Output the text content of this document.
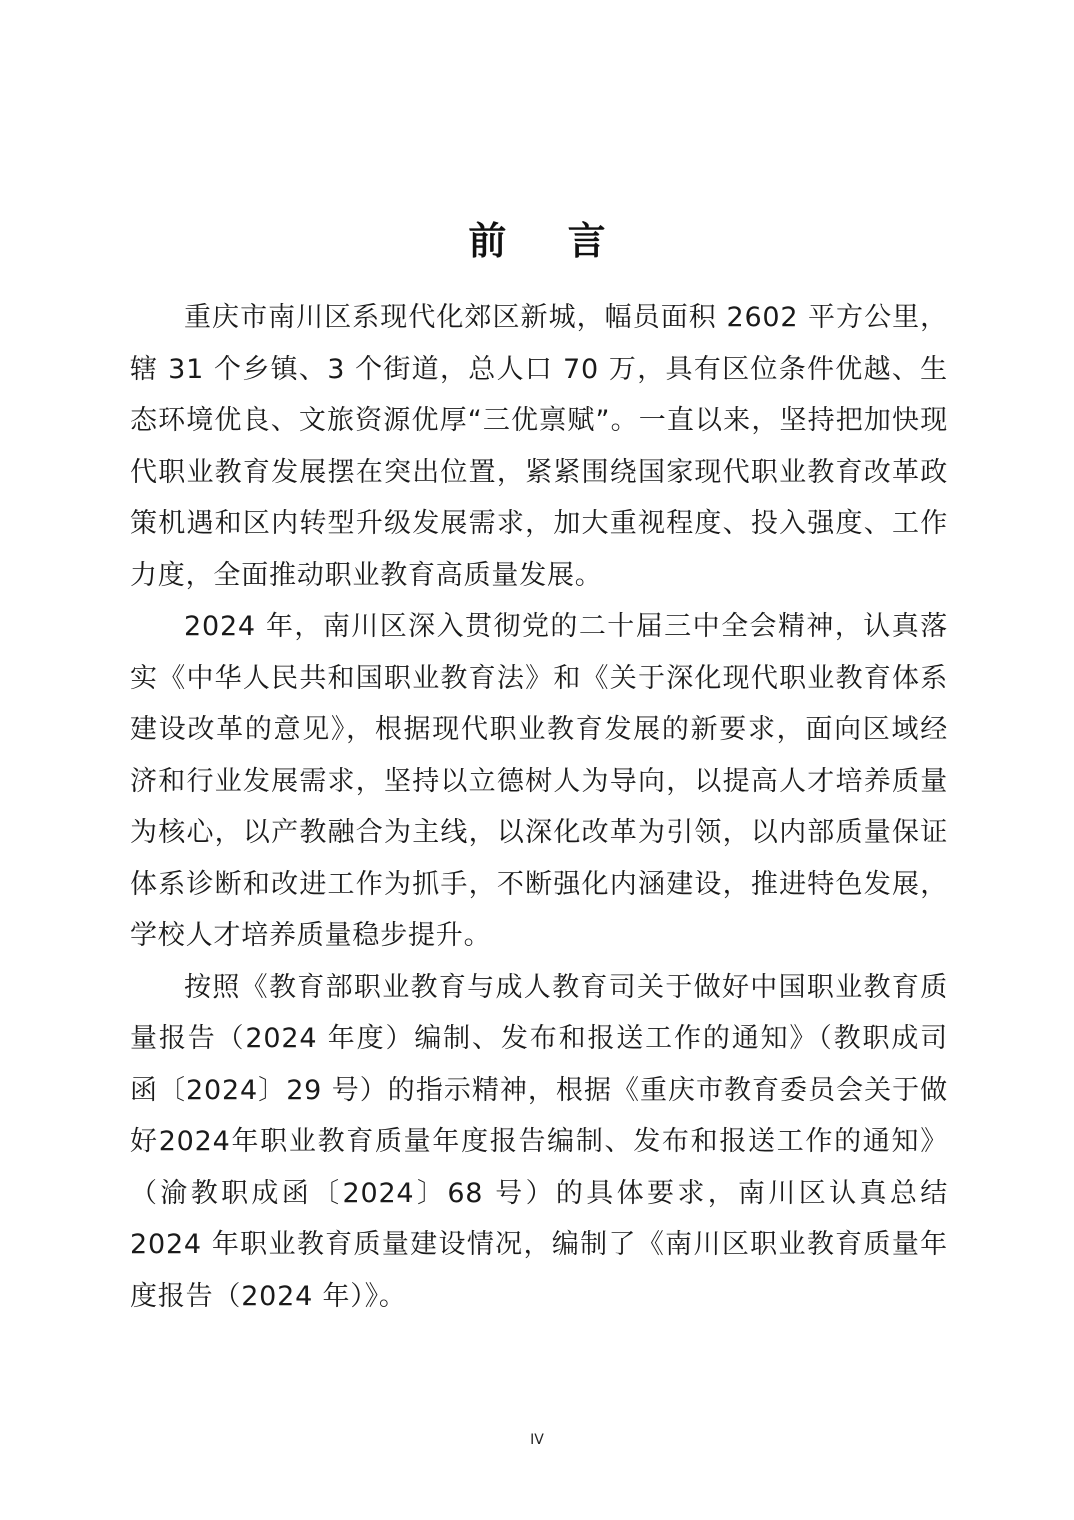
前 言

重庆市南川区系现代化郊区新城，幅员面积 2602 平方公里，辖 31 个乡镇、3 个街道，总人口 70 万，具有区位条件优越、生态环境优良、文旅资源优厚“三优禀赋”。一直以来，坚持把加快现代职业教育发展摆在突出位置，紧紧围绕国家现代职业教育改革政策机遇和区内转型升级发展需求，加大重视程度、投入强度、工作力度，全面推动职业教育高质量发展。

2024 年，南川区深入贯彻党的二十届三中全会精神，认真落实《中华人民共和国职业教育法》和《关于深化现代职业教育体系建设改革的意见》，根据现代职业教育发展的新要求，面向区域经济和行业发展需求，坚持以立德树人为导向，以提高人才培养质量为核心，以产教融合为主线，以深化改革为引领，以内部质量保证体系诊断和改进工作为抓手，不断强化内涵建设，推进特色发展，学校人才培养质量稳步提升。

按照《教育部职业教育与成人教育司关于做好中国职业教育质量报告（2024 年度）编制、发布和报送工作的通知》（教职成司函〔2024〕29 号）的指示精神，根据《重庆市教育委员会关于做好2024年职业教育质量年度报告编制、发布和报送工作的通知》（渝教职成函〔2024〕68 号）的具体要求，南川区认真总结 2024 年职业教育质量建设情况，编制了《南川区职业教育质量年度报告（2024 年）》。

IV
